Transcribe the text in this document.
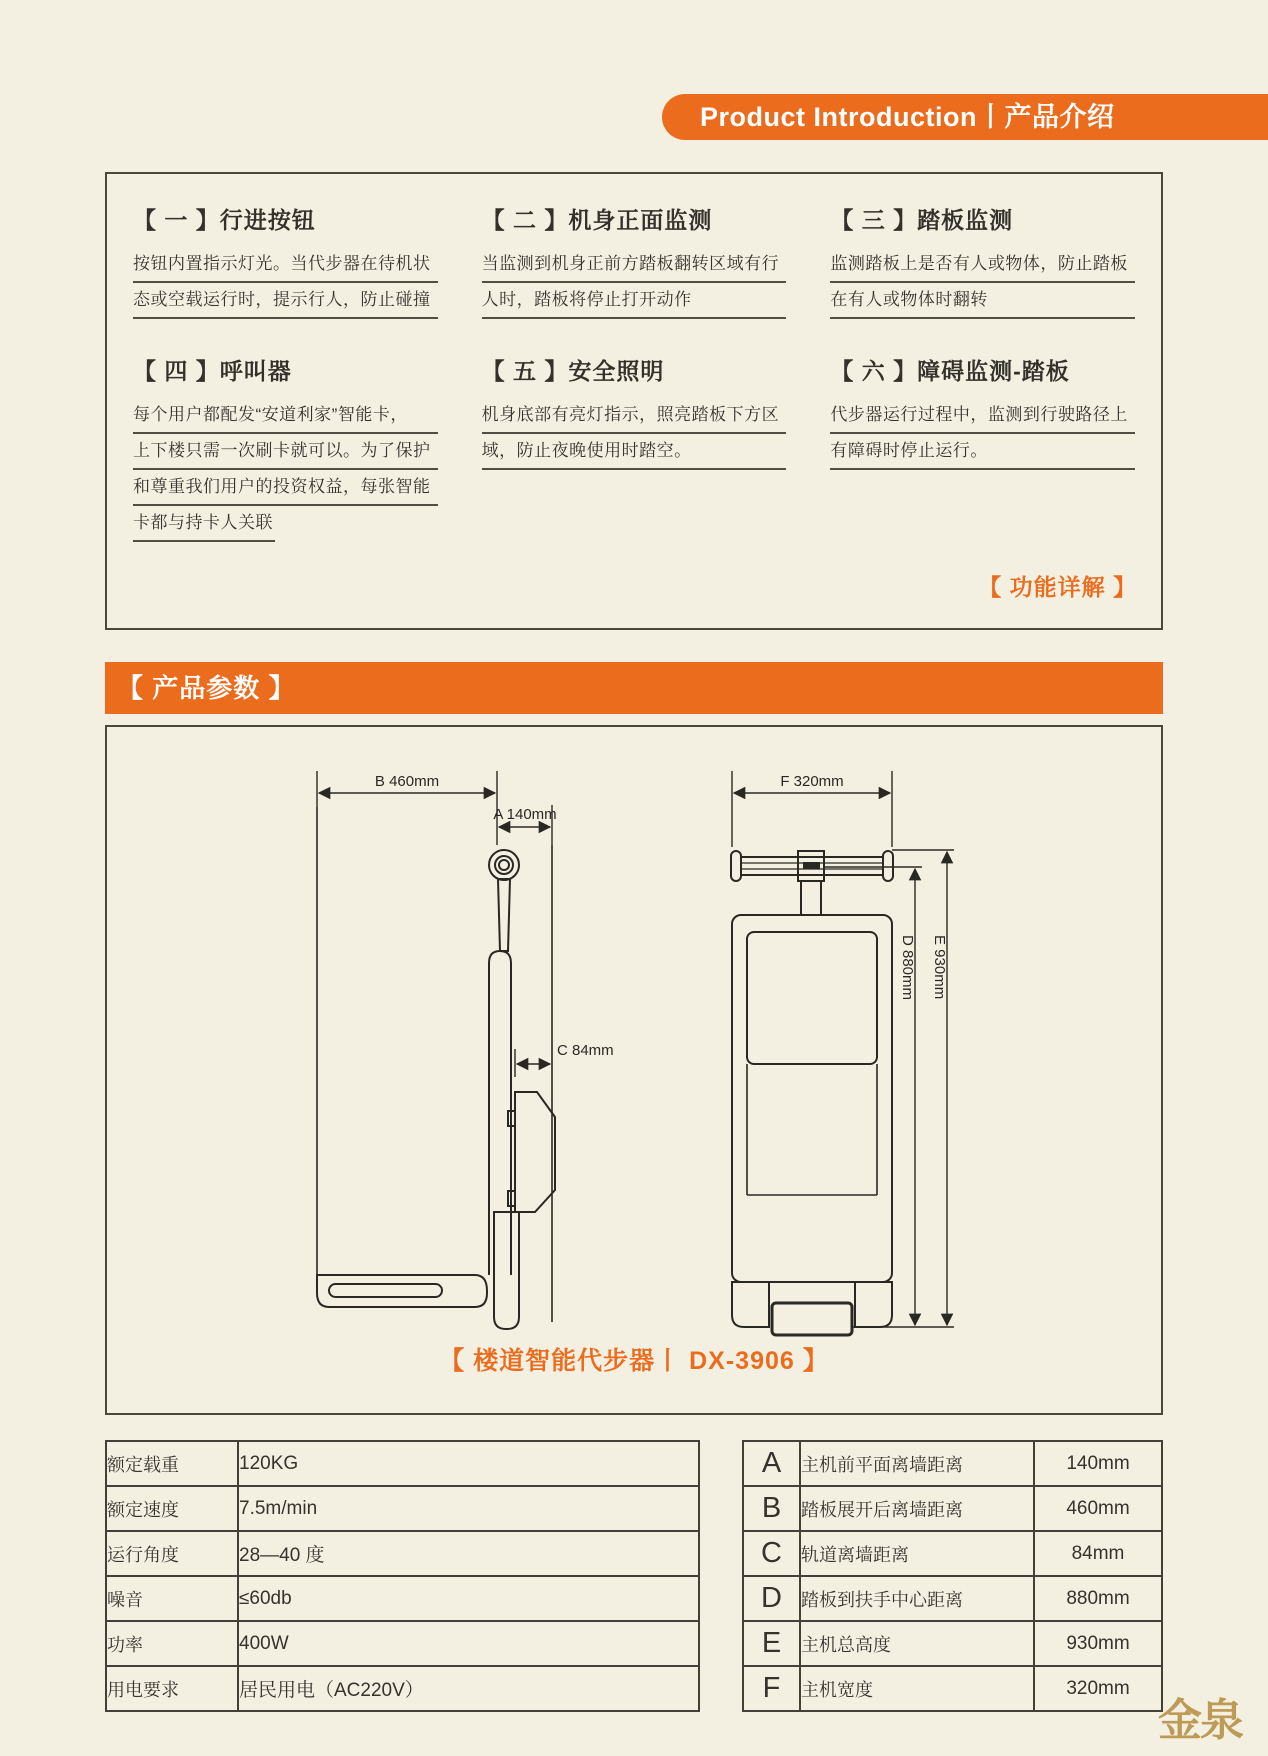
Product Introduction丨产品介绍
【 一 】行进按钮
按钮内置指示灯光。当代步器在待机状
态或空载运行时，提示行人，防止碰撞
【 二 】机身正面监测
当监测到机身正前方踏板翻转区域有行
人时，踏板将停止打开动作
【 三 】踏板监测
监测踏板上是否有人或物体，防止踏板
在有人或物体时翻转
【 四 】呼叫器
每个用户都配发“安道利家”智能卡，
上下楼只需一次刷卡就可以。为了保护
和尊重我们用户的投资权益，每张智能
卡都与持卡人关联
【 五 】安全照明
机身底部有亮灯指示，照亮踏板下方区
域，防止夜晚使用时踏空。
【 六 】障碍监测-踏板
代步器运行过程中，监测到行驶路径上
有障碍时停止运行。
【 功能详解 】
【 产品参数 】
B 460mm
A 140mm
C 84mm
F 320mm
D 880mm E 930mm
【 楼道智能代步器丨 DX-3906 】
额定载重	120KG
额定速度	7.5m/min
运行角度	28—40 度
噪音	≤60db
功率	400W
用电要求	居民用电（AC220V）
A	主机前平面离墙距离	140mm
B	踏板展开后离墙距离	460mm
C	轨道离墙距离	84mm
D	踏板到扶手中心距离	880mm
E	主机总高度	930mm
F	主机宽度	320mm
金泉
